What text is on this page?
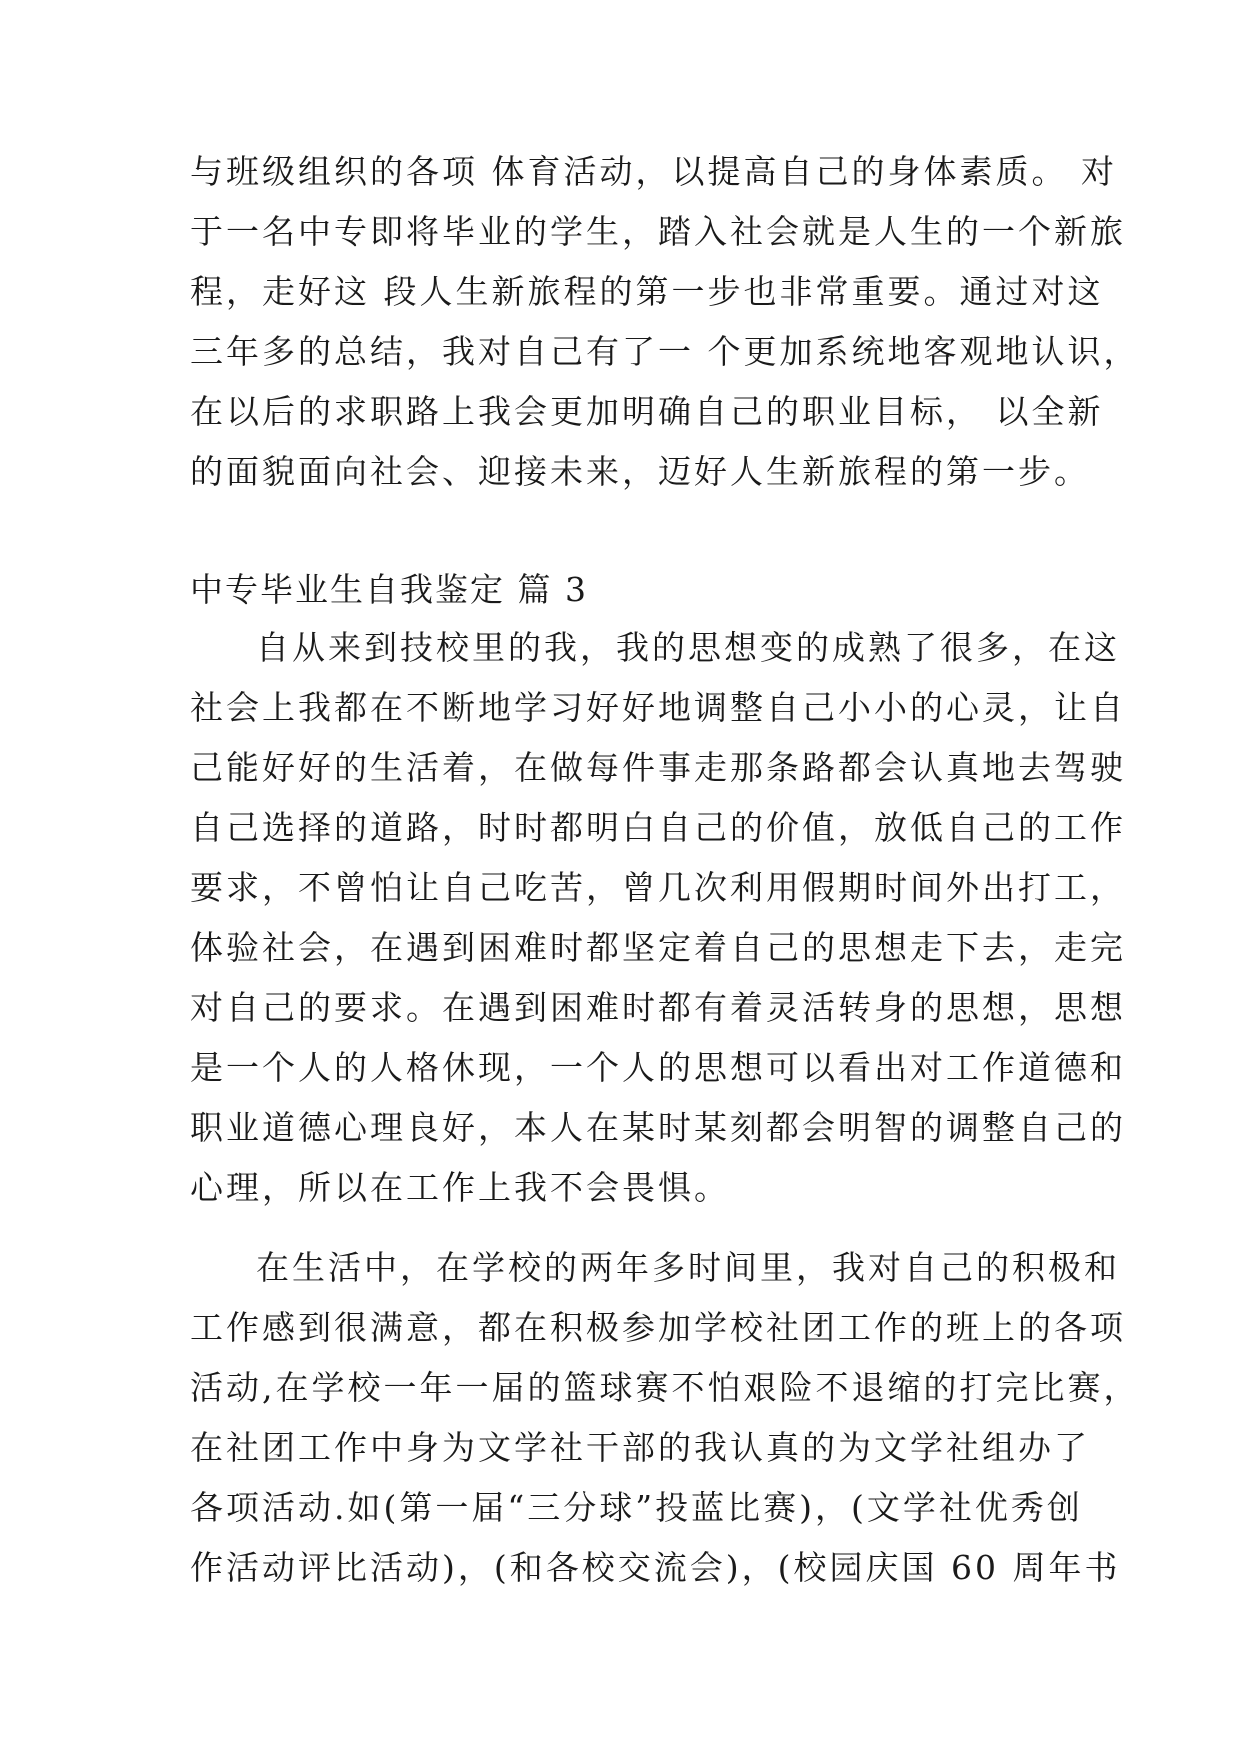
与班级组织的各项 体育活动，以提高自己的身体素质。 对

于一名中专即将毕业的学生，踏入社会就是人生的一个新旅

程，走好这 段人生新旅程的第一步也非常重要。通过对这

三年多的总结，我对自己有了一 个更加系统地客观地认识，

在以后的求职路上我会更加明确自己的职业目标， 以全新

的面貌面向社会、迎接未来，迈好人生新旅程的第一步。

中专毕业生自我鉴定 篇 3

自从来到技校里的我，我的思想变的成熟了很多，在这

社会上我都在不断地学习好好地调整自己小小的心灵，让自

己能好好的生活着，在做每件事走那条路都会认真地去驾驶

自己选择的道路，时时都明白自己的价值，放低自己的工作

要求，不曾怕让自己吃苦，曾几次利用假期时间外出打工，

体验社会，在遇到困难时都坚定着自己的思想走下去，走完

对自己的要求。在遇到困难时都有着灵活转身的思想，思想

是一个人的人格休现，一个人的思想可以看出对工作道德和

职业道德心理良好，本人在某时某刻都会明智的调整自己的

心理，所以在工作上我不会畏惧。

在生活中，在学校的两年多时间里，我对自己的积极和

工作感到很满意，都在积极参加学校社团工作的班上的各项

活动,在学校一年一届的篮球赛不怕艰险不退缩的打完比赛，

在社团工作中身为文学社干部的我认真的为文学社组办了

各项活动.如(第一届“三分球”投蓝比赛)，(文学社优秀创

作活动评比活动)，(和各校交流会)，(校园庆国 60 周年书
